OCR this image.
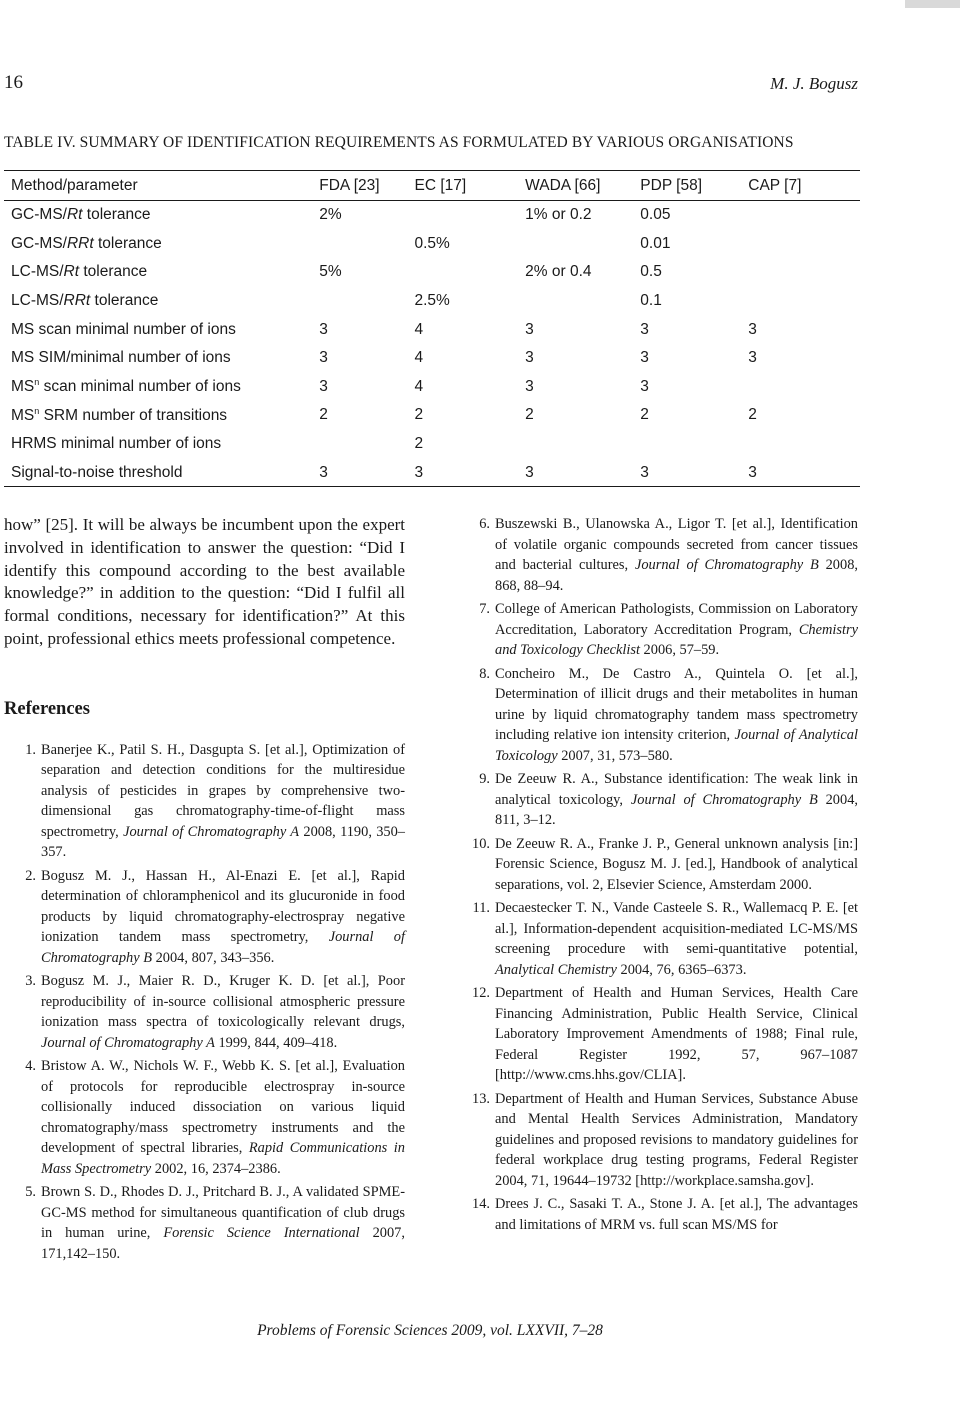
16	M. J. Bogusz
TABLE IV. SUMMARY OF IDENTIFICATION REQUIREMENTS AS FORMULATED BY VARIOUS ORGANISATIONS
Method/parameter	FDA [23]	EC [17]	WADA [66]	PDP [58]	CAP [7]
GC-MS/Rt tolerance	2%		1% or 0.2	0.05	
GC-MS/RRt tolerance		0.5%		0.01	
LC-MS/Rt tolerance	5%		2% or 0.4	0.5	
LC-MS/RRt tolerance		2.5%		0.1	
MS scan minimal number of ions	3	4	3	3	3
MS SIM/minimal number of ions	3	4	3	3	3
$MS^n$ scan minimal number of ions	3	4	3	3	
$MS^n$ SRM number of transitions	2	2	2	2	2
HRMS minimal number of ions		2			
Signal-to-noise threshold	3	3	3	3	3

how” [25]. It will be always be incumbent upon the expert involved in identification to answer the question: “Did I identify this compound according to the best available knowledge?” in addition to the question: “Did I fulfil all formal conditions, necessary for identification?” At this point, professional ethics meets professional competence.

References
1. Banerjee K., Patil S. H., Dasgupta S. [et al.], Optimization of separation and detection conditions for the multiresidue analysis of pesticides in grapes by comprehensive two-dimensional gas chromatography-time-of-flight mass spectrometry, Journal of Chromatography A 2008, 1190, 350–357.
2. Bogusz M. J., Hassan H., Al-Enazi E. [et al.], Rapid determination of chloramphenicol and its glucuronide in food products by liquid chromatography-electrospray negative ionization tandem mass spectrometry, Journal of Chromatography B 2004, 807, 343–356.
3. Bogusz M. J., Maier R. D., Kruger K. D. [et al.], Poor reproducibility of in-source collisional atmospheric pressure ionization mass spectra of toxicologically relevant drugs, Journal of Chromatography A 1999, 844, 409–418.
4. Bristow A. W., Nichols W. F., Webb K. S. [et al.], Evaluation of protocols for reproducible electrospray in-source collisionally induced dissociation on various liquid chromatography/mass spectrometry instruments and the development of spectral libraries, Rapid Communications in Mass Spectrometry 2002, 16, 2374–2386.
5. Brown S. D., Rhodes D. J., Pritchard B. J., A validated SPME-GC-MS method for simultaneous quantification of club drugs in human urine, Forensic Science International 2007, 171,142–150.
6. Buszewski B., Ulanowska A., Ligor T. [et al.], Identification of volatile organic compounds secreted from cancer tissues and bacterial cultures, Journal of Chromatography B 2008, 868, 88–94.
7. College of American Pathologists, Commission on Laboratory Accreditation, Laboratory Accreditation Program, Chemistry and Toxicology Checklist 2006, 57–59.
8. Concheiro M., De Castro A., Quintela O. [et al.], Determination of illicit drugs and their metabolites in human urine by liquid chromatography tandem mass spectrometry including relative ion intensity criterion, Journal of Analytical Toxicology 2007, 31, 573–580.
9. De Zeeuw R. A., Substance identification: The weak link in analytical toxicology, Journal of Chromatography B 2004, 811, 3–12.
10. De Zeeuw R. A., Franke J. P., General unknown analysis [in:] Forensic Science, Bogusz M. J. [ed.], Handbook of analytical separations, vol. 2, Elsevier Science, Amsterdam 2000.
11. Decaestecker T. N., Vande Casteele S. R., Wallemacq P. E. [et al.], Information-dependent acquisition-mediated LC-MS/MS screening procedure with semi-quantitative potential, Analytical Chemistry 2004, 76, 6365–6373.
12. Department of Health and Human Services, Health Care Financing Administration, Public Health Service, Clinical Laboratory Improvement Amendments of 1988; Final rule, Federal Register 1992, 57, 967–1087 [http://www.cms.hhs.gov/CLIA].
13. Department of Health and Human Services, Substance Abuse and Mental Health Services Administration, Mandatory guidelines and proposed revisions to mandatory guidelines for federal workplace drug testing programs, Federal Register 2004, 71, 19644–19732 [http://workplace.samsha.gov].
14. Drees J. C., Sasaki T. A., Stone J. A. [et al.], The advantages and limitations of MRM vs. full scan MS/MS for
Problems of Forensic Sciences 2009, vol. LXXVII, 7–28
